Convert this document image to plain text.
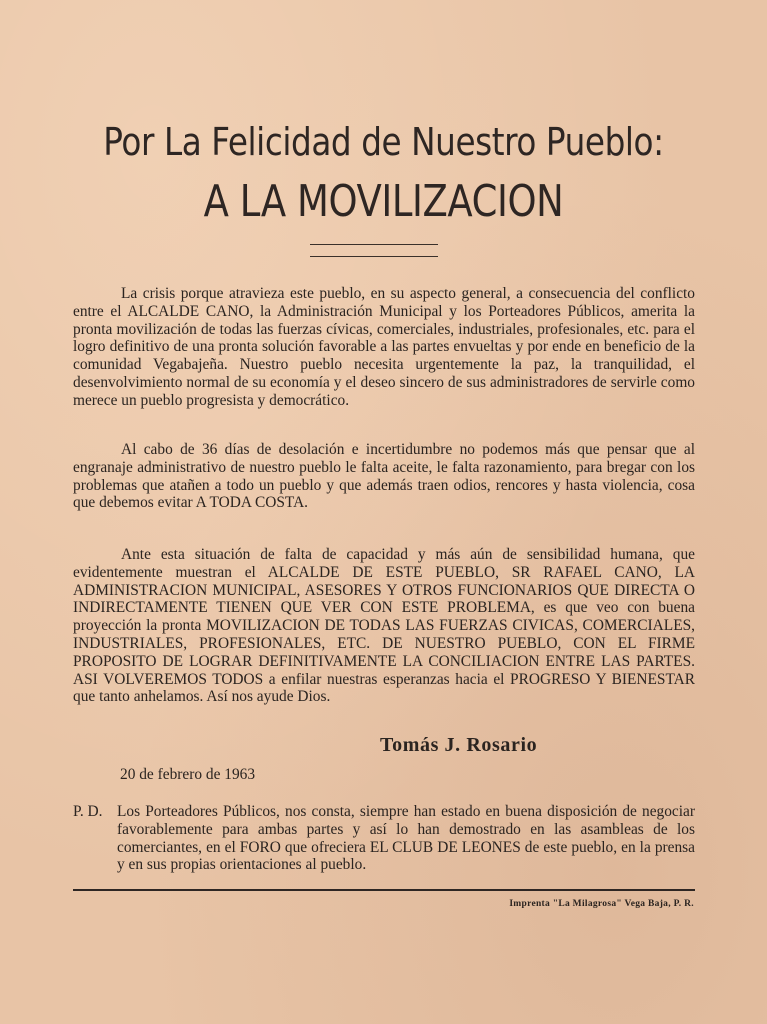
Por La Felicidad de Nuestro Pueblo:
A LA MOVILIZACION
La crisis porque atravieza este pueblo, en su aspecto general, a consecuencia del conflicto entre el ALCALDE CANO, la Administración Municipal y los Porteadores Públicos, amerita la pronta movilización de todas las fuerzas cívicas, comerciales, industriales, profesionales, etc. para el logro definitivo de una pronta solución favorable a las partes envueltas y por ende en beneficio de la comunidad Vegabajeña. Nuestro pueblo necesita urgentemente la paz, la tranquilidad, el desenvolvimiento normal de su economía y el deseo sincero de sus administradores de servirle como merece un pueblo progresista y democrático.
Al cabo de 36 días de desolación e incertidumbre no podemos más que pensar que al engranaje administrativo de nuestro pueblo le falta aceite, le falta razonamiento, para bregar con los problemas que atañen a todo un pueblo y que además traen odios, rencores y hasta violencia, cosa que debemos evitar A TODA COSTA.
Ante esta situación de falta de capacidad y más aún de sensibilidad humana, que evidentemente muestran el ALCALDE DE ESTE PUEBLO, SR RAFAEL CANO, LA ADMINISTRACION MUNICIPAL, ASESORES Y OTROS FUNCIONARIOS QUE DIRECTA O INDIRECTAMENTE TIENEN QUE VER CON ESTE PROBLEMA, es que veo con buena proyección la pronta MOVILIZACION DE TODAS LAS FUERZAS CIVICAS, COMERCIALES, INDUSTRIALES, PROFESIONALES, ETC. DE NUESTRO PUEBLO, CON EL FIRME PROPOSITO DE LOGRAR DEFINITIVAMENTE LA CONCILIACION ENTRE LAS PARTES. ASI VOLVEREMOS TODOS a enfilar nuestras esperanzas hacia el PROGRESO Y BIENESTAR que tanto anhelamos. Así nos ayude Dios.
Tomás J. Rosario
20 de febrero de 1963
P. D. Los Porteadores Públicos, nos consta, siempre han estado en buena disposición de negociar favorablemente para ambas partes y así lo han demostrado en las asambleas de los comerciantes, en el FORO que ofreciera EL CLUB DE LEONES de este pueblo, en la prensa y en sus propias orientaciones al pueblo.
Imprenta "La Milagrosa" Vega Baja, P. R.
